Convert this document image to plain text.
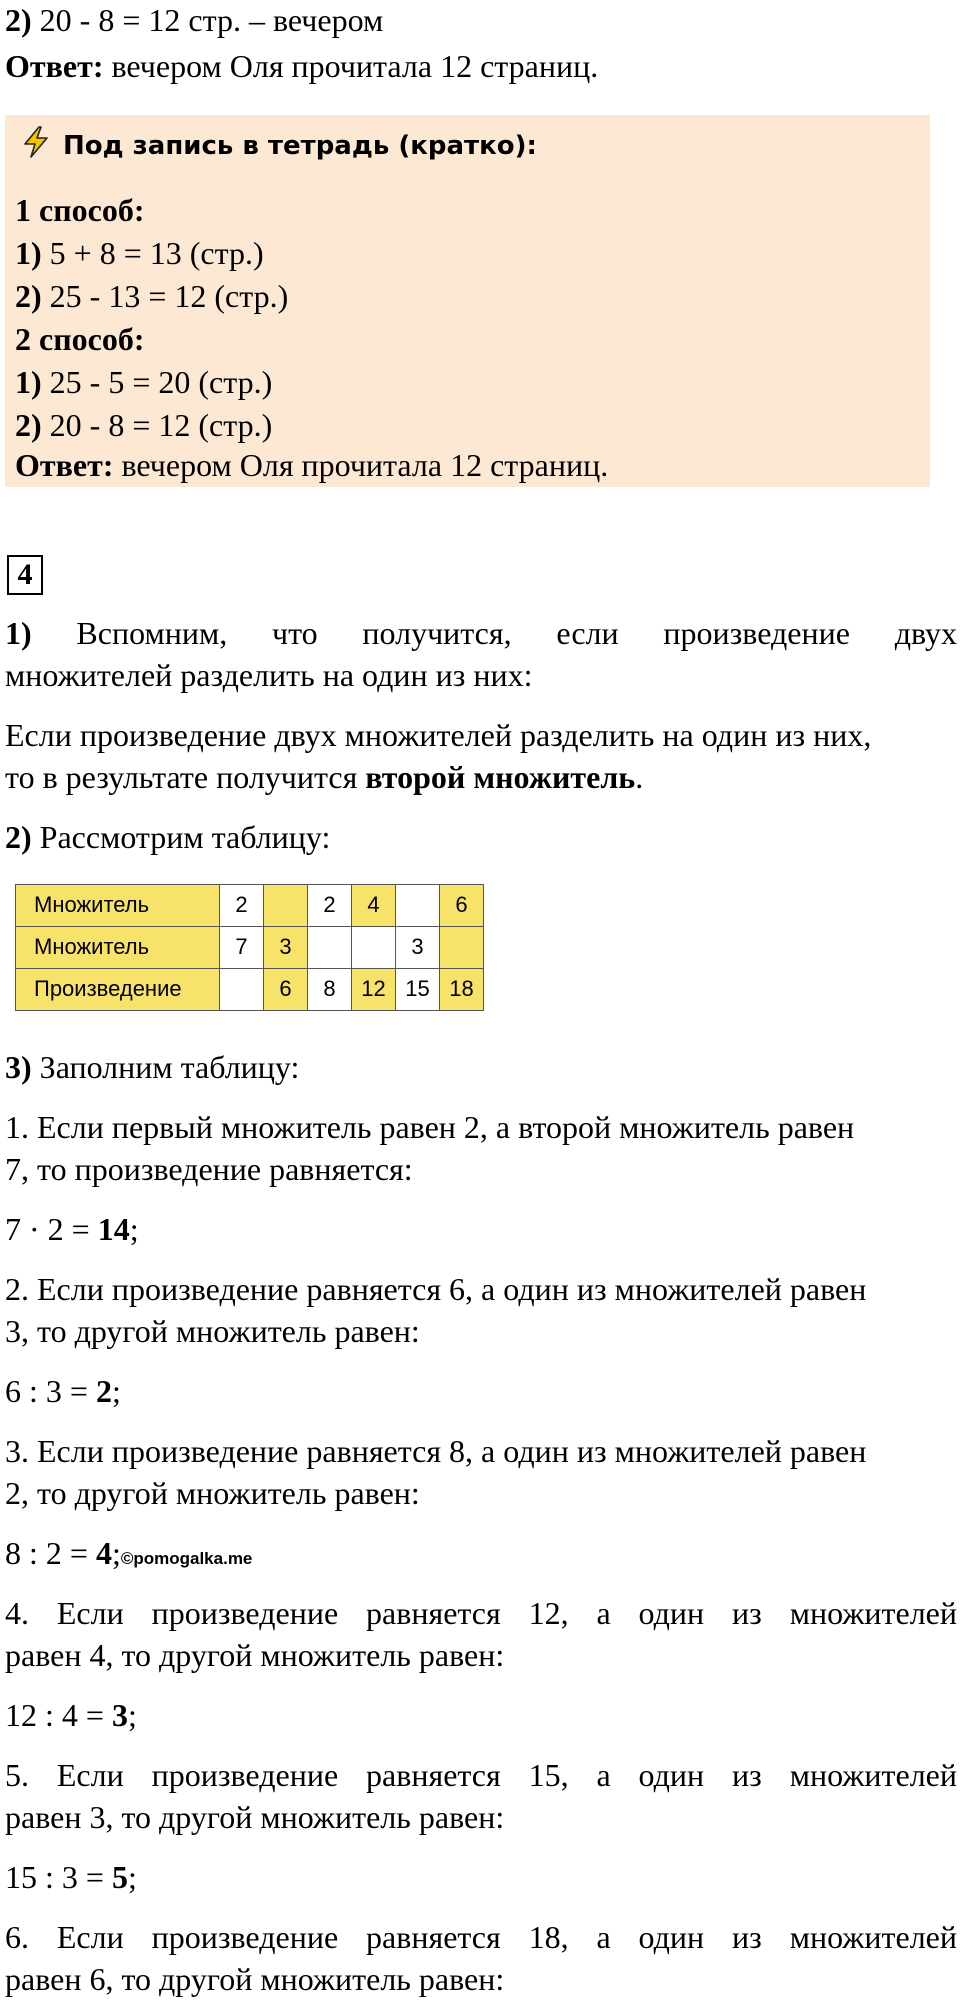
2) 20 - 8 = 12 стр. – вечером
Ответ: вечером Оля прочитала 12 страниц.
Под запись в тетрадь (кратко):
1 способ:
1) 5 + 8 = 13 (стр.)
2) 25 - 13 = 12 (стр.)
2 способ:
1) 25 - 5 = 20 (стр.)
2) 20 - 8 = 12 (стр.)
Ответ: вечером Оля прочитала 12 страниц.
4
1) Вспомним, что получится, если произведение двух
множителей разделить на один из них:
Если произведение двух множителей разделить на один из них,
то в результате получится второй множитель.
2) Рассмотрим таблицу:
Множитель	2		2	4		6
Множитель	7	3			3	
Произведение		6	8	12	15	18
3) Заполним таблицу:
1. Если первый множитель равен 2, а второй множитель равен
7, то произведение равняется:
7 · 2 = 14;
2. Если произведение равняется 6, а один из множителей равен
3, то другой множитель равен:
6 : 3 = 2;
3. Если произведение равняется 8, а один из множителей равен
2, то другой множитель равен:
8 : 2 = 4;©pomogalka.me
4. Если произведение равняется 12, а один из множителей
равен 4, то другой множитель равен:
12 : 4 = 3;
5. Если произведение равняется 15, а один из множителей
равен 3, то другой множитель равен:
15 : 3 = 5;
6. Если произведение равняется 18, а один из множителей
равен 6, то другой множитель равен:
